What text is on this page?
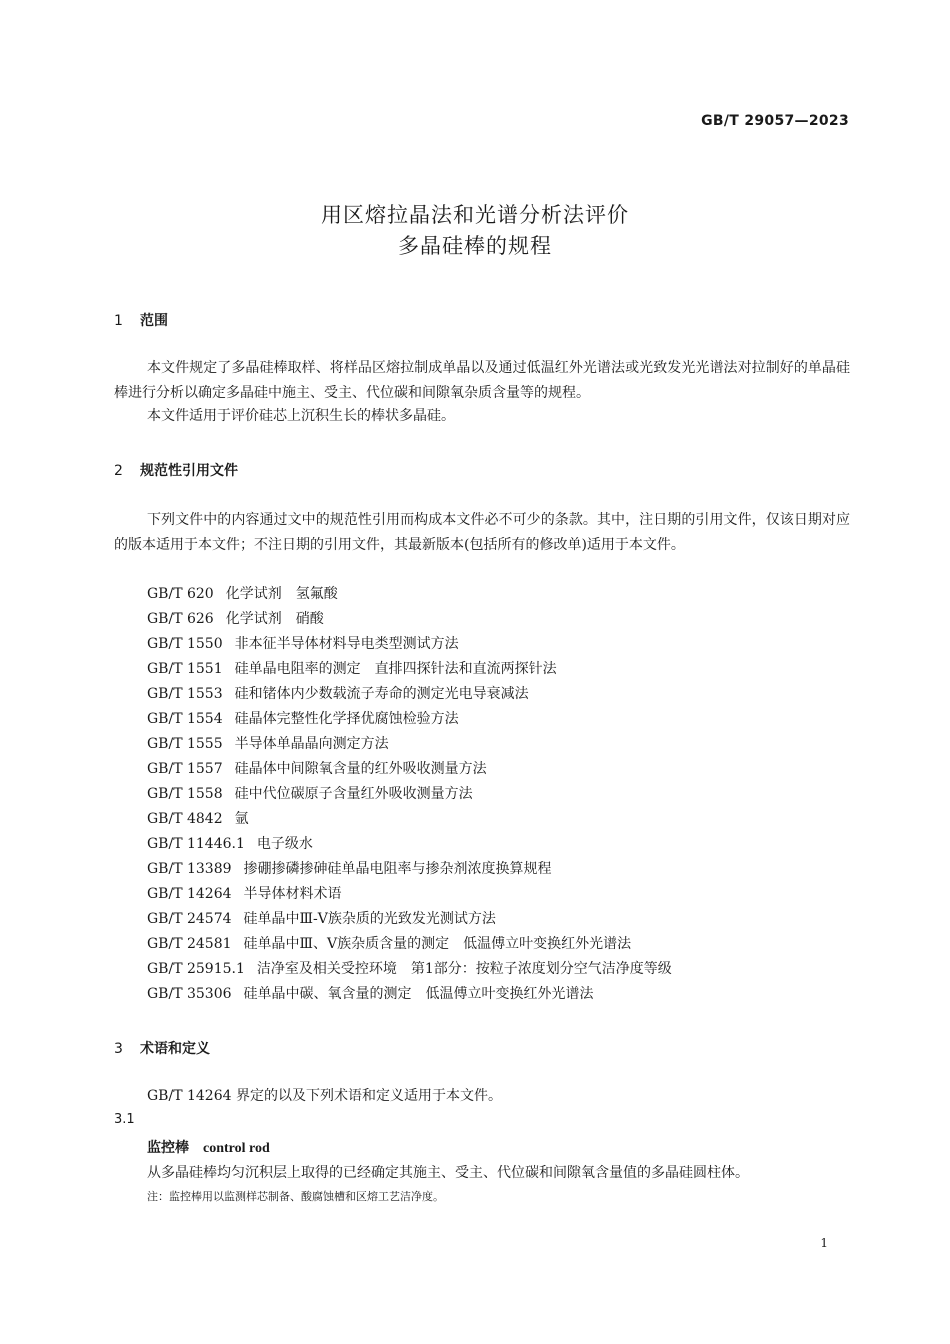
GB/T 29057—2023
用区熔拉晶法和光谱分析法评价
多晶硅棒的规程
1 范围
本文件规定了多晶硅棒取样、将样品区熔拉制成单晶以及通过低温红外光谱法或光致发光光谱法对拉制好的单晶硅棒进行分析以确定多晶硅中施主、受主、代位碳和间隙氧杂质含量等的规程。
本文件适用于评价硅芯上沉积生长的棒状多晶硅。
2 规范性引用文件
下列文件中的内容通过文中的规范性引用而构成本文件必不可少的条款。其中，注日期的引用文件，仅该日期对应的版本适用于本文件；不注日期的引用文件，其最新版本(包括所有的修改单)适用于本文件。
GB/T 620 化学试剂　氢氟酸
GB/T 626 化学试剂　硝酸
GB/T 1550 非本征半导体材料导电类型测试方法
GB/T 1551 硅单晶电阻率的测定　直排四探针法和直流两探针法
GB/T 1553 硅和锗体内少数载流子寿命的测定光电导衰减法
GB/T 1554 硅晶体完整性化学择优腐蚀检验方法
GB/T 1555 半导体单晶晶向测定方法
GB/T 1557 硅晶体中间隙氧含量的红外吸收测量方法
GB/T 1558 硅中代位碳原子含量红外吸收测量方法
GB/T 4842 氩
GB/T 11446.1 电子级水
GB/T 13389 掺硼掺磷掺砷硅单晶电阻率与掺杂剂浓度换算规程
GB/T 14264 半导体材料术语
GB/T 24574 硅单晶中Ⅲ-Ⅴ族杂质的光致发光测试方法
GB/T 24581 硅单晶中Ⅲ、Ⅴ族杂质含量的测定　低温傅立叶变换红外光谱法
GB/T 25915.1 洁净室及相关受控环境　第1部分：按粒子浓度划分空气洁净度等级
GB/T 35306 硅单晶中碳、氧含量的测定　低温傅立叶变换红外光谱法
3 术语和定义
GB/T 14264 界定的以及下列术语和定义适用于本文件。
3.1
监控棒 control rod
从多晶硅棒均匀沉积层上取得的已经确定其施主、受主、代位碳和间隙氧含量值的多晶硅圆柱体。
注：监控棒用以监测样芯制备、酸腐蚀槽和区熔工艺洁净度。
1
